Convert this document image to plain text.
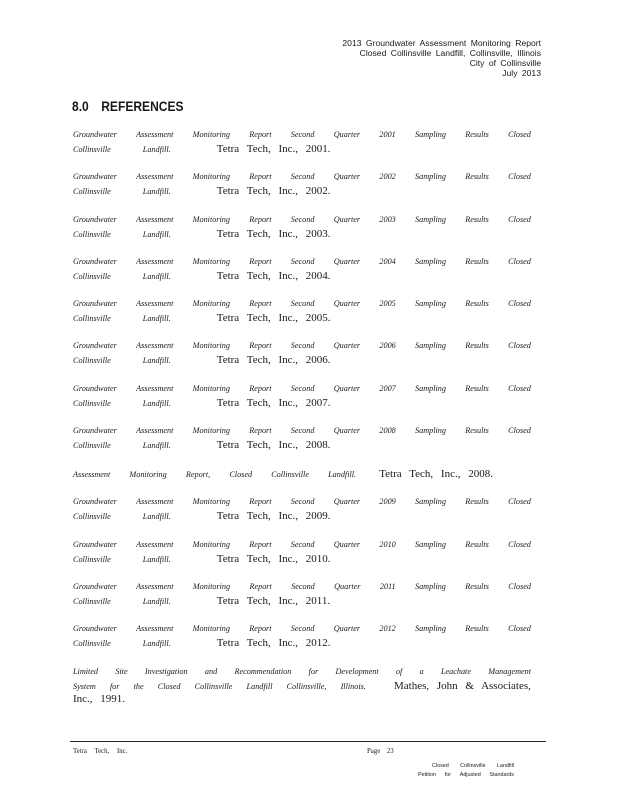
2013 Groundwater Assessment Monitoring Report
Closed Collinsville Landfill, Collinsville, Illinois
City of Collinsville
July 2013
8.0 REFERENCES
Groundwater Assessment Monitoring Report Second Quarter 2001 Sampling Results Closed
Collinsville	Landfill.	Tetra Tech, Inc., 2001.
Groundwater Assessment Monitoring Report Second Quarter 2002 Sampling Results Closed
Collinsville	Landfill.	Tetra Tech, Inc., 2002.
Groundwater Assessment Monitoring Report Second Quarter 2003 Sampling Results Closed
Collinsville	Landfill.	Tetra Tech, Inc., 2003.
Groundwater Assessment Monitoring Report Second Quarter 2004 Sampling Results Closed
Collinsville	Landfill.	Tetra Tech, Inc., 2004.
Groundwater Assessment Monitoring Report Second Quarter 2005 Sampling Results Closed
Collinsville	Landfill.	Tetra Tech, Inc., 2005.
Groundwater Assessment Monitoring Report Second Quarter 2006 Sampling Results Closed
Collinsville	Landfill.	Tetra Tech, Inc., 2006.
Groundwater Assessment Monitoring Report Second Quarter 2007 Sampling Results Closed
Collinsville	Landfill.	Tetra Tech, Inc., 2007.
Groundwater Assessment Monitoring Report Second Quarter 2008 Sampling Results Closed
Collinsville	Landfill.	Tetra Tech, Inc., 2008.
Assessment Monitoring Report, Closed Collinsville Landfill. Tetra Tech, Inc., 2008.
Groundwater Assessment Monitoring Report Second Quarter 2009 Sampling Results Closed
Collinsville	Landfill.	Tetra Tech, Inc., 2009.
Groundwater Assessment Monitoring Report Second Quarter 2010 Sampling Results Closed
Collinsville	Landfill.	Tetra Tech, Inc., 2010.
Groundwater Assessment Monitoring Report Second Quarter 2011 Sampling Results Closed
Collinsville	Landfill.	Tetra Tech, Inc., 2011.
Groundwater Assessment Monitoring Report Second Quarter 2012 Sampling Results Closed
Collinsville	Landfill.	Tetra Tech, Inc., 2012.
Limited Site Investigation and Recommendation for Development of a Leachate Management
System for the Closed Collinsville Landfill Collinsville, Illinois.	Mathes, John & Associates,
Inc., 1991.
Tetra Tech, Inc.	Page 23
Closed Collinsville Landfill
Petition for Adjusted Standards
